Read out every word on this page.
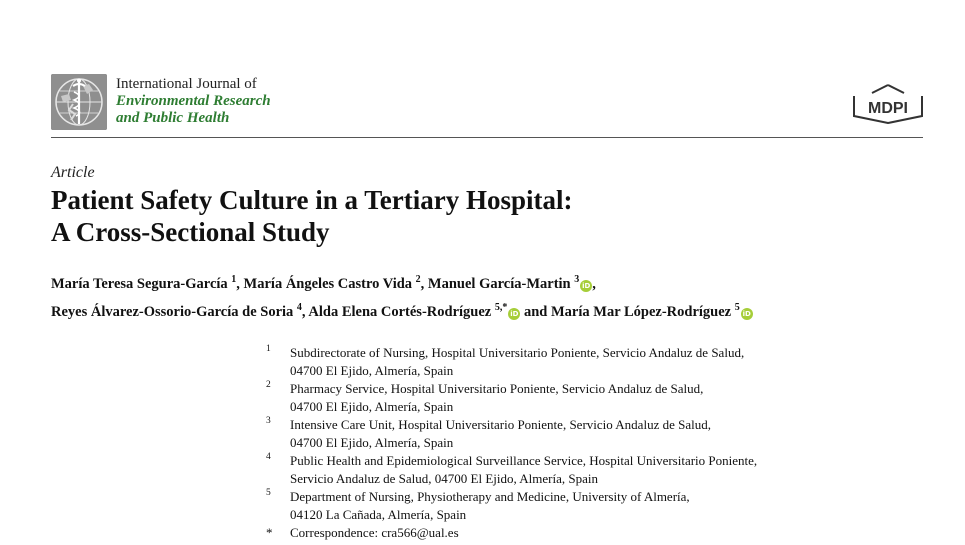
International Journal of
Environmental Research
and Public Health
MDPI
Article
Patient Safety Culture in a Tertiary Hospital:
A Cross-Sectional Study
María Teresa Segura-García $^1$, María Ángeles Castro Vida $^2$, Manuel García-Martin $^3$iD ,
Reyes Álvarez-Ossorio-García de Soria $^4$, Alda Elena Cortés-Rodríguez $^{5,*}$iD and María Mar López-Rodríguez $^5$iD
1 Subdirectorate of Nursing, Hospital Universitario Poniente, Servicio Andaluz de Salud,
04700 El Ejido, Almería, Spain
2 Pharmacy Service, Hospital Universitario Poniente, Servicio Andaluz de Salud,
04700 El Ejido, Almería, Spain
3 Intensive Care Unit, Hospital Universitario Poniente, Servicio Andaluz de Salud,
04700 El Ejido, Almería, Spain
4 Public Health and Epidemiological Surveillance Service, Hospital Universitario Poniente,
Servicio Andaluz de Salud, 04700 El Ejido, Almería, Spain
5 Department of Nursing, Physiotherapy and Medicine, University of Almería,
04120 La Cañada, Almería, Spain
* Correspondence: cra566@ual.es
